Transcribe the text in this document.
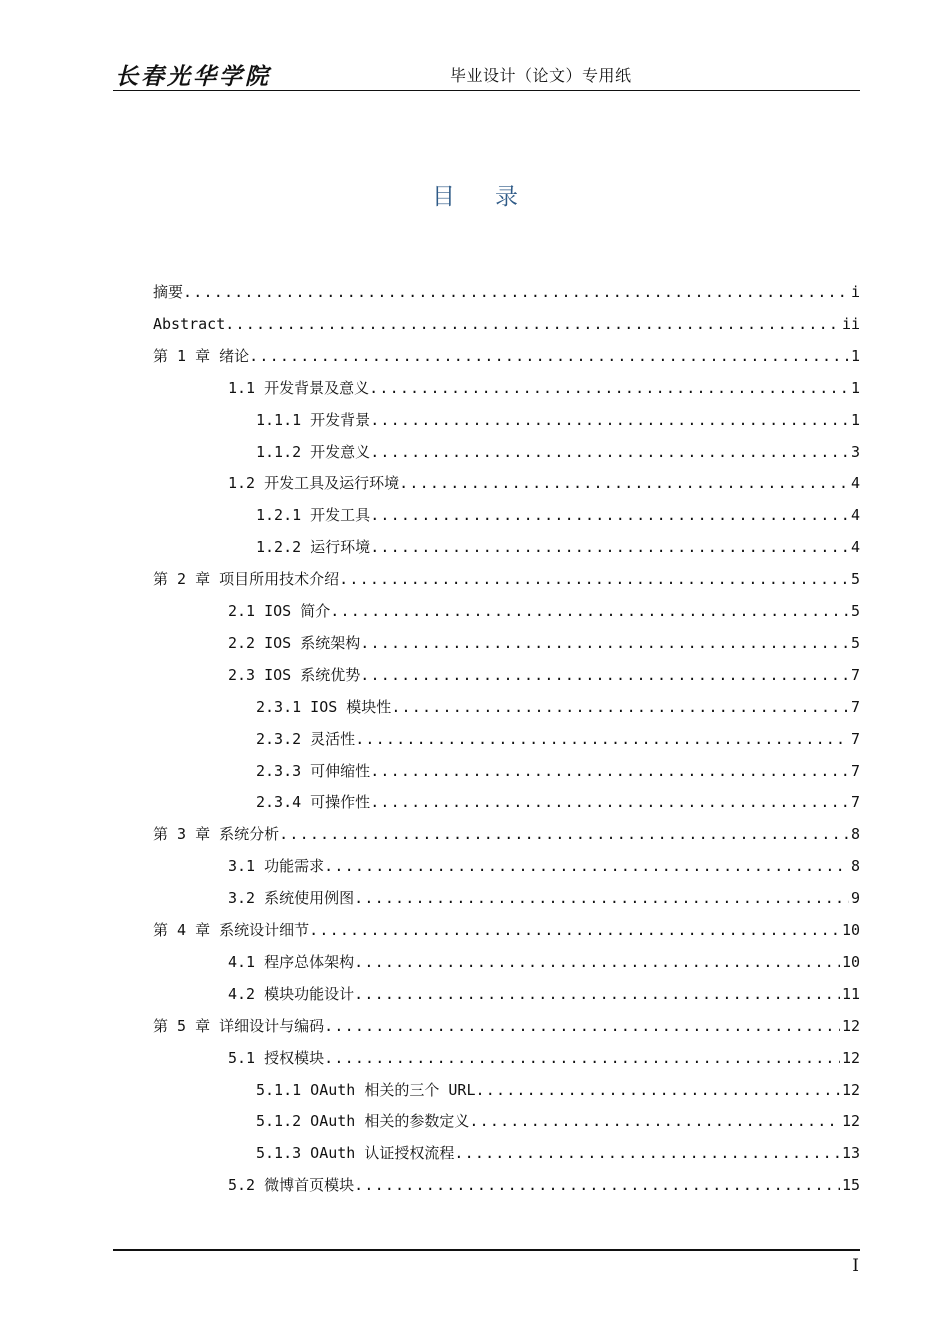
长春光华学院	毕业设计（论文）专用纸
目 录
摘要 .....	i
Abstract .....	ii
第 1 章 绪论 .....	1
1.1 开发背景及意义 .....	1
1.1.1 开发背景 .....	1
1.1.2 开发意义 .....	3
1.2 开发工具及运行环境 .....	4
1.2.1 开发工具 .....	4
1.2.2 运行环境 .....	4
第 2 章 项目所用技术介绍 .....	5
2.1 IOS 简介 .....	5
2.2 IOS 系统架构 .....	5
2.3 IOS 系统优势 .....	7
2.3.1 IOS 模块性 .....	7
2.3.2 灵活性 .....	7
2.3.3 可伸缩性 .....	7
2.3.4 可操作性 .....	7
第 3 章 系统分析 .....	8
3.1 功能需求 .....	8
3.2 系统使用例图 .....	9
第 4 章 系统设计细节 .....	10
4.1 程序总体架构 .....	10
4.2 模块功能设计 .....	11
第 5 章 详细设计与编码 .....	12
5.1 授权模块 .....	12
5.1.1 OAuth 相关的三个 URL .....	12
5.1.2 OAuth 相关的参数定义 .....	12
5.1.3 OAuth 认证授权流程 .....	13
5.2 微博首页模块 .....	15
I
